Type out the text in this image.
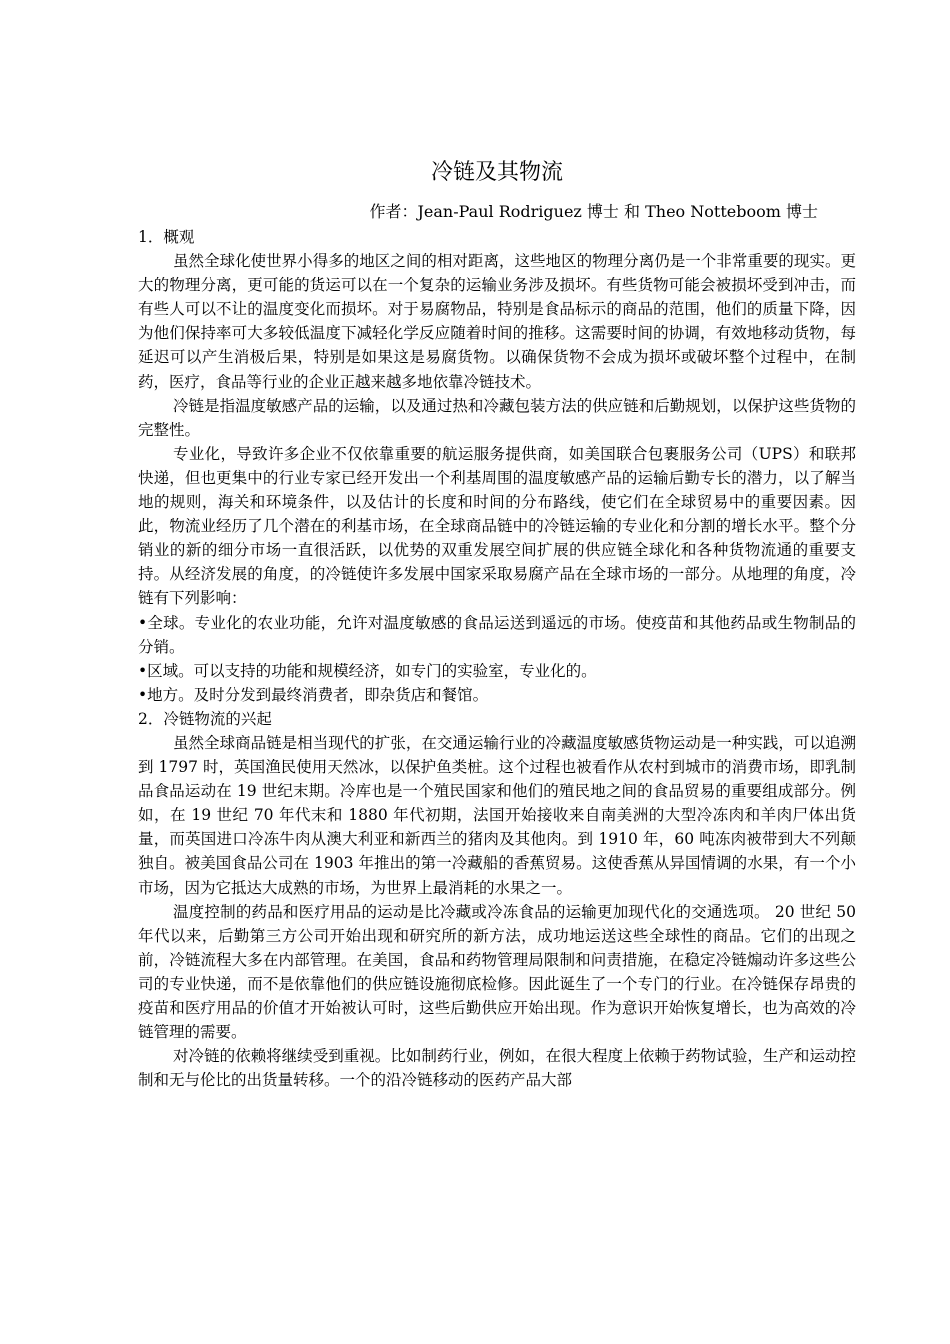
冷链及其物流
作者：Jean-Paul Rodriguez 博士 和 Theo Notteboom 博士
1．概观

虽然全球化使世界小得多的地区之间的相对距离，这些地区的物理分离仍是一个非常重要的现实。更大的物理分离，更可能的货运可以在一个复杂的运输业务涉及损坏。有些货物可能会被损坏受到冲击，而有些人可以不让的温度变化而损坏。对于易腐物品，特别是食品标示的商品的范围，他们的质量下降，因为他们保持率可大多较低温度下减轻化学反应随着时间的推移。这需要时间的协调，有效地移动货物，每延迟可以产生消极后果，特别是如果这是易腐货物。以确保货物不会成为损坏或破坏整个过程中，在制药，医疗，食品等行业的企业正越来越多地依靠冷链技术。

冷链是指温度敏感产品的运输，以及通过热和冷藏包装方法的供应链和后勤规划，以保护这些货物的完整性。

专业化，导致许多企业不仅依靠重要的航运服务提供商，如美国联合包裹服务公司（UPS）和联邦快递，但也更集中的行业专家已经开发出一个利基周围的温度敏感产品的运输后勤专长的潜力，以了解当地的规则，海关和环境条件，以及估计的长度和时间的分布路线，使它们在全球贸易中的重要因素。因此，物流业经历了几个潜在的利基市场，在全球商品链中的冷链运输的专业化和分割的增长水平。整个分销业的新的细分市场一直很活跃，以优势的双重发展空间扩展的供应链全球化和各种货物流通的重要支持。从经济发展的角度，的冷链使许多发展中国家采取易腐产品在全球市场的一部分。从地理的角度，冷链有下列影响：

•全球。专业化的农业功能，允许对温度敏感的食品运送到遥远的市场。使疫苗和其他药品或生物制品的分销。

•区域。可以支持的功能和规模经济，如专门的实验室，专业化的。

•地方。及时分发到最终消费者，即杂货店和餐馆。

2．冷链物流的兴起

虽然全球商品链是相当现代的扩张，在交通运输行业的冷藏温度敏感货物运动是一种实践，可以追溯到 1797 时，英国渔民使用天然冰，以保护鱼类桩。这个过程也被看作从农村到城市的消费市场，即乳制品食品运动在 19 世纪末期。冷库也是一个殖民国家和他们的殖民地之间的食品贸易的重要组成部分。例如，在 19 世纪 70 年代末和 1880 年代初期，法国开始接收来自南美洲的大型冷冻肉和羊肉尸体出货量，而英国进口冷冻牛肉从澳大利亚和新西兰的猪肉及其他肉。到 1910 年，60 吨冻肉被带到大不列颠独自。被美国食品公司在 1903 年推出的第一冷藏船的香蕉贸易。这使香蕉从异国情调的水果，有一个小市场，因为它抵达大成熟的市场，为世界上最消耗的水果之一。

温度控制的药品和医疗用品的运动是比冷藏或冷冻食品的运输更加现代化的交通选项。 20 世纪 50 年代以来，后勤第三方公司开始出现和研究所的新方法，成功地运送这些全球性的商品。它们的出现之前，冷链流程大多在内部管理。在美国，食品和药物管理局限制和问责措施，在稳定冷链煽动许多这些公司的专业快递，而不是依靠他们的供应链设施彻底检修。因此诞生了一个专门的行业。在冷链保存昂贵的疫苗和医疗用品的价值才开始被认可时，这些后勤供应开始出现。作为意识开始恢复增长，也为高效的冷链管理的需要。

对冷链的依赖将继续受到重视。比如制药行业，例如，在很大程度上依赖于药物试验，生产和运动控制和无与伦比的出货量转移。一个的沿冷链移动的医药产品大部
